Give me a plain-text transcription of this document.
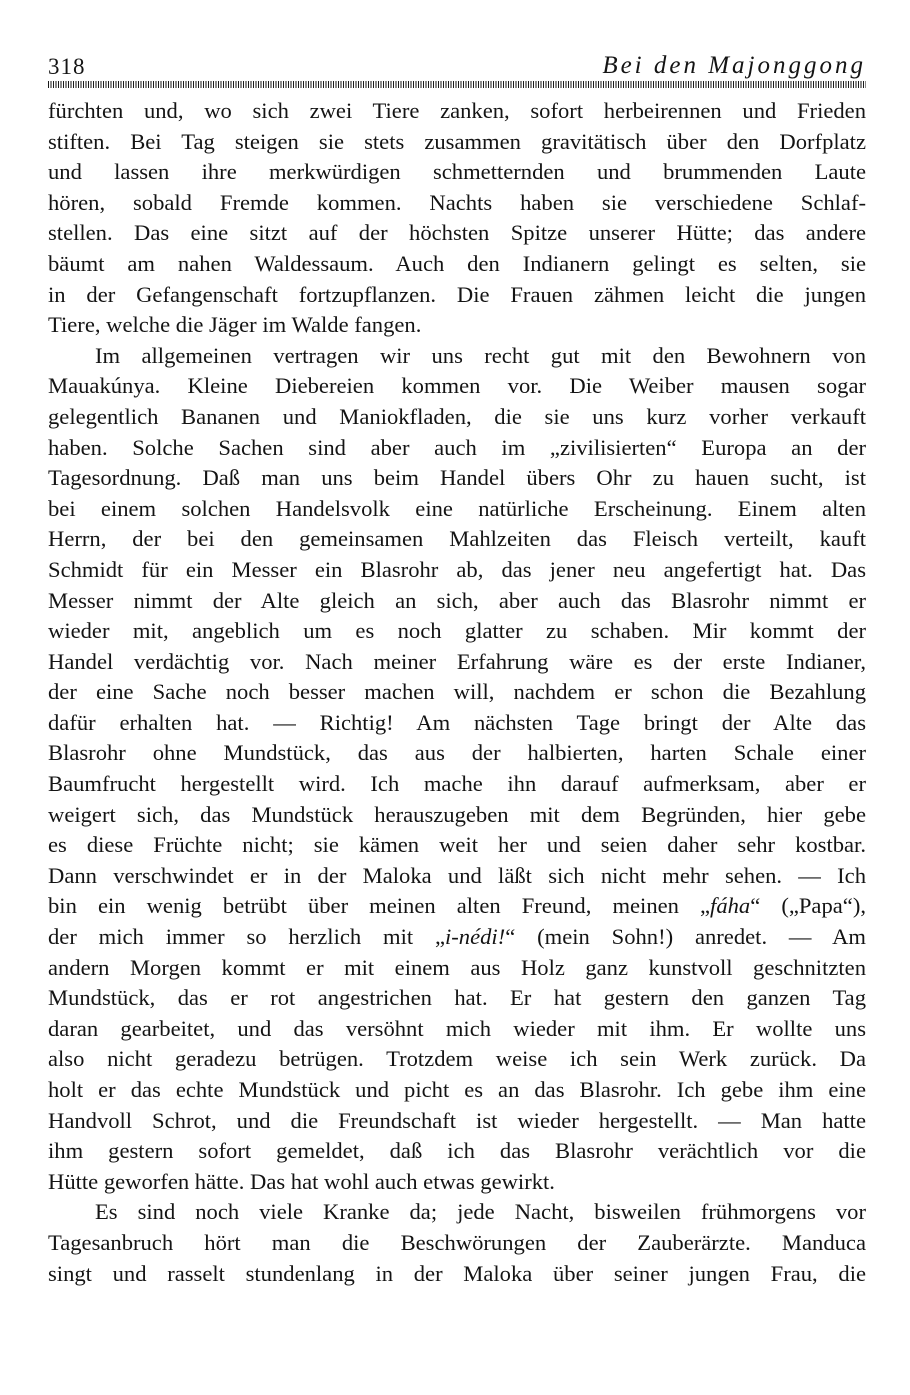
318	Bei den Majonggong
fürchten und, wo sich zwei Tiere zanken, sofort herbeirennen und Frieden
stiften. Bei Tag steigen sie stets zusammen gravitätisch über den Dorfplatz
und lassen ihre merkwürdigen schmetternden und brummenden Laute
hören, sobald Fremde kommen. Nachts haben sie verschiedene Schlaf-
stellen. Das eine sitzt auf der höchsten Spitze unserer Hütte; das andere
bäumt am nahen Waldessaum. Auch den Indianern gelingt es selten, sie
in der Gefangenschaft fortzupflanzen. Die Frauen zähmen leicht die jungen
Tiere, welche die Jäger im Walde fangen.
Im allgemeinen vertragen wir uns recht gut mit den Bewohnern von
Mauakúnya. Kleine Diebereien kommen vor. Die Weiber mausen sogar
gelegentlich Bananen und Maniokfladen, die sie uns kurz vorher verkauft
haben. Solche Sachen sind aber auch im „zivilisierten“ Europa an der
Tagesordnung. Daß man uns beim Handel übers Ohr zu hauen sucht, ist
bei einem solchen Handelsvolk eine natürliche Erscheinung. Einem alten
Herrn, der bei den gemeinsamen Mahlzeiten das Fleisch verteilt, kauft
Schmidt für ein Messer ein Blasrohr ab, das jener neu angefertigt hat. Das
Messer nimmt der Alte gleich an sich, aber auch das Blasrohr nimmt er
wieder mit, angeblich um es noch glatter zu schaben. Mir kommt der
Handel verdächtig vor. Nach meiner Erfahrung wäre es der erste Indianer,
der eine Sache noch besser machen will, nachdem er schon die Bezahlung
dafür erhalten hat. — Richtig! Am nächsten Tage bringt der Alte das
Blasrohr ohne Mundstück, das aus der halbierten, harten Schale einer
Baumfrucht hergestellt wird. Ich mache ihn darauf aufmerksam, aber er
weigert sich, das Mundstück herauszugeben mit dem Begründen, hier gebe
es diese Früchte nicht; sie kämen weit her und seien daher sehr kostbar.
Dann verschwindet er in der Maloka und läßt sich nicht mehr sehen. — Ich
bin ein wenig betrübt über meinen alten Freund, meinen „fáha“ („Papa“),
der mich immer so herzlich mit „i-nédi!“ (mein Sohn!) anredet. — Am
andern Morgen kommt er mit einem aus Holz ganz kunstvoll geschnitzten
Mundstück, das er rot angestrichen hat. Er hat gestern den ganzen Tag
daran gearbeitet, und das versöhnt mich wieder mit ihm. Er wollte uns
also nicht geradezu betrügen. Trotzdem weise ich sein Werk zurück. Da
holt er das echte Mundstück und picht es an das Blasrohr. Ich gebe ihm eine
Handvoll Schrot, und die Freundschaft ist wieder hergestellt. — Man hatte
ihm gestern sofort gemeldet, daß ich das Blasrohr verächtlich vor die
Hütte geworfen hätte. Das hat wohl auch etwas gewirkt.
Es sind noch viele Kranke da; jede Nacht, bisweilen frühmorgens vor
Tagesanbruch hört man die Beschwörungen der Zauberärzte. Manduca
singt und rasselt stundenlang in der Maloka über seiner jungen Frau, die
